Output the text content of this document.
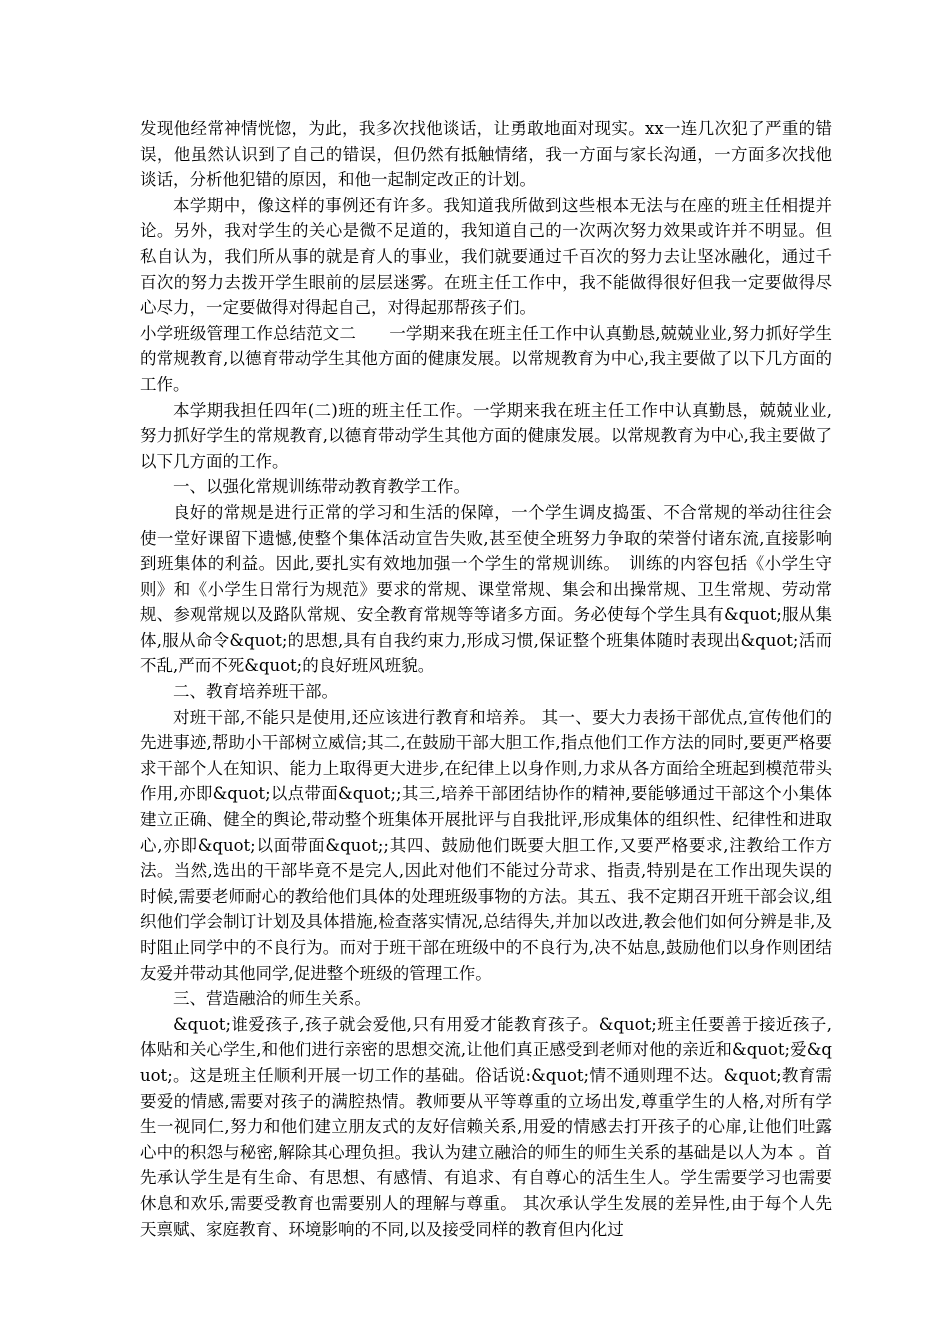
发现他经常神情恍惚，为此，我多次找他谈话，让勇敢地面对现实。xx一连几次犯了严重的错误，他虽然认识到了自己的错误，但仍然有抵触情绪，我一方面与家长沟通，一方面多次找他谈话，分析他犯错的原因，和他一起制定改正的计划。

本学期中，像这样的事例还有许多。我知道我所做到这些根本无法与在座的班主任相提并论。另外，我对学生的关心是微不足道的，我知道自己的一次两次努力效果或许并不明显。但私自认为，我们所从事的就是育人的事业，我们就要通过千百次的努力去让坚冰融化，通过千百次的努力去拨开学生眼前的层层迷雾。在班主任工作中，我不能做得很好但我一定要做得尽心尽力，一定要做得对得起自己，对得起那帮孩子们。

小学班级管理工作总结范文二　　一学期来我在班主任工作中认真勤恳,兢兢业业,努力抓好学生的常规教育,以德育带动学生其他方面的健康发展。以常规教育为中心,我主要做了以下几方面的工作。

本学期我担任四年(二)班的班主任工作。一学期来我在班主任工作中认真勤恳，兢兢业业,努力抓好学生的常规教育,以德育带动学生其他方面的健康发展。以常规教育为中心,我主要做了以下几方面的工作。

一、以强化常规训练带动教育教学工作。

良好的常规是进行正常的学习和生活的保障，一个学生调皮捣蛋、不合常规的举动往往会使一堂好课留下遗憾,使整个集体活动宣告失败,甚至使全班努力争取的荣誉付诸东流,直接影响到班集体的利益。因此,要扎实有效地加强一个学生的常规训练。　训练的内容包括《小学生守则》和《小学生日常行为规范》要求的常规、课堂常规、集会和出操常规、卫生常规、劳动常规、参观常规以及路队常规、安全教育常规等等诸多方面。务必使每个学生具有&quot;服从集体,服从命令&quot;的思想,具有自我约束力,形成习惯,保证整个班集体随时表现出&quot;活而不乱,严而不死&quot;的良好班风班貌。

二、教育培养班干部。

对班干部,不能只是使用,还应该进行教育和培养。 其一、要大力表扬干部优点,宣传他们的先进事迹,帮助小干部树立威信;其二,在鼓励干部大胆工作,指点他们工作方法的同时,要更严格要求干部个人在知识、能力上取得更大进步,在纪律上以身作则,力求从各方面给全班起到模范带头作用,亦即&quot;以点带面&quot;;其三,培养干部团结协作的精神,要能够通过干部这个小集体建立正确、健全的舆论,带动整个班集体开展批评与自我批评,形成集体的组织性、纪律性和进取心,亦即&quot;以面带面&quot;;其四、鼓励他们既要大胆工作,又要严格要求,注教给工作方法。当然,选出的干部毕竟不是完人,因此对他们不能过分苛求、指责,特别是在工作出现失误的时候,需要老师耐心的教给他们具体的处理班级事物的方法。其五、我不定期召开班干部会议,组织他们学会制订计划及具体措施,检查落实情况,总结得失,并加以改进,教会他们如何分辨是非,及时阻止同学中的不良行为。而对于班干部在班级中的不良行为,决不姑息,鼓励他们以身作则团结友爱并带动其他同学,促进整个班级的管理工作。

三、营造融洽的师生关系。

&quot;谁爱孩子,孩子就会爱他,只有用爱才能教育孩子。&quot;班主任要善于接近孩子,体贴和关心学生,和他们进行亲密的思想交流,让他们真正感受到老师对他的亲近和&quot;爱&quot;。这是班主任顺利开展一切工作的基础。俗话说:&quot;情不通则理不达。&quot;教育需要爱的情感,需要对孩子的满腔热情。教师要从平等尊重的立场出发,尊重学生的人格,对所有学生一视同仁,努力和他们建立朋友式的友好信赖关系,用爱的情感去打开孩子的心扉,让他们吐露心中的积怨与秘密,解除其心理负担。我认为建立融洽的师生的师生关系的基础是以人为本 。首先承认学生是有生命、有思想、有感情、有追求、有自尊心的活生生人。学生需要学习也需要休息和欢乐,需要受教育也需要别人的理解与尊重。 其次承认学生发展的差异性,由于每个人先天禀赋、家庭教育、环境影响的不同,以及接受同样的教育但内化过
